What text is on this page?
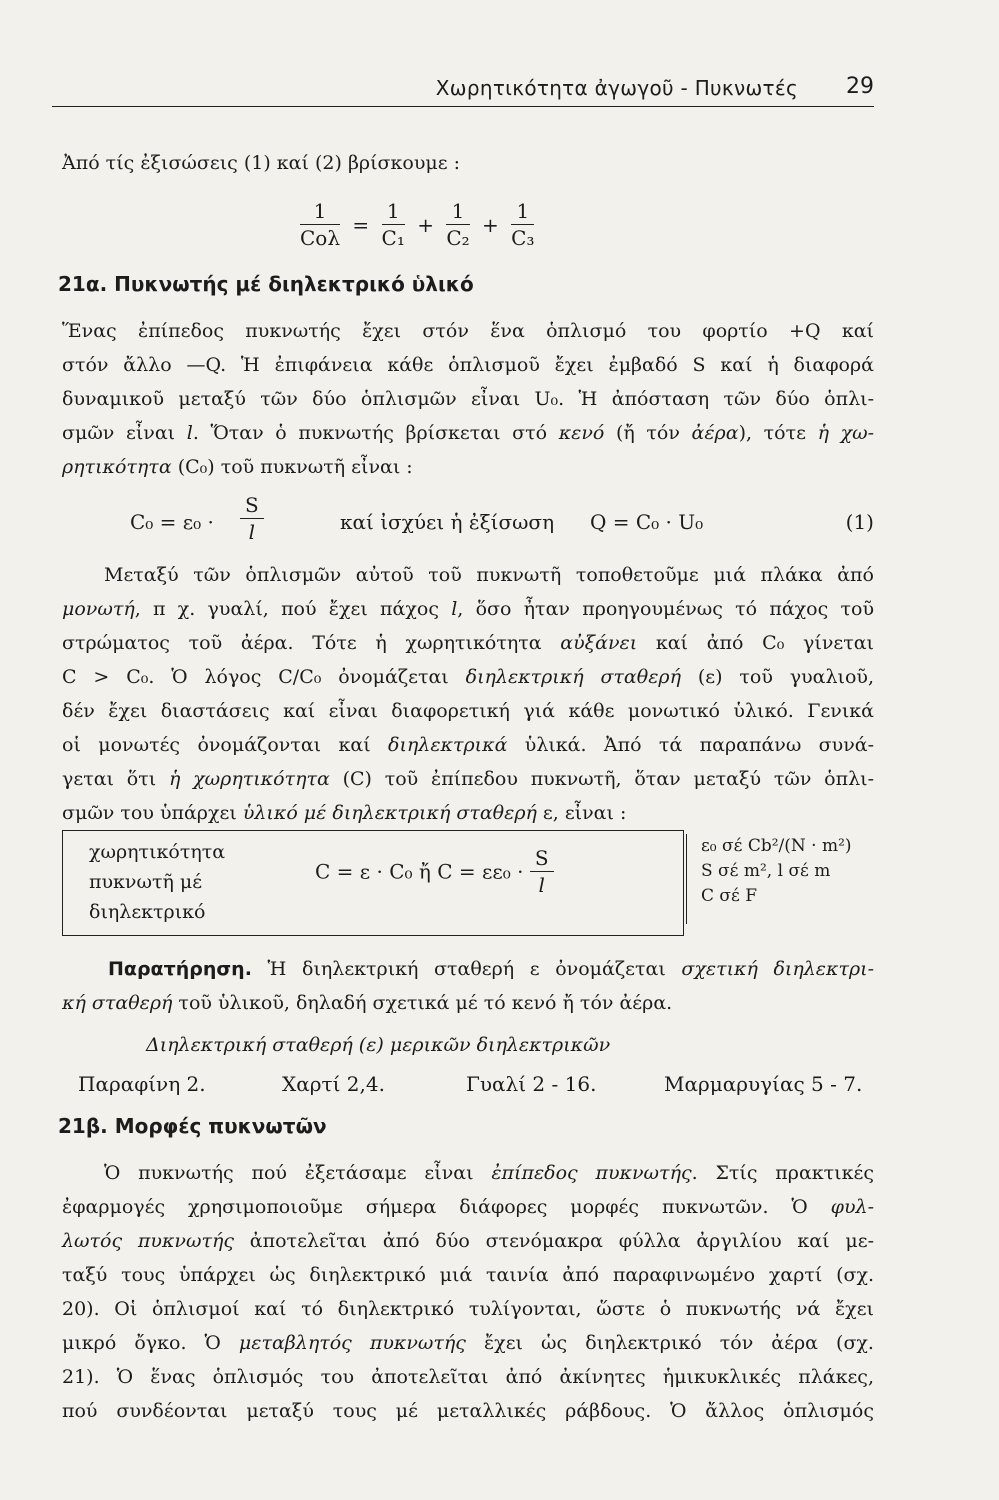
Χωρητικότητα ἀγωγοῦ - Πυκνωτές 29
Ἀπό τίς ἐξισώσεις (1) καί (2) βρίσκουμε :
$\frac{1}{\text{Cολ}} = \frac{1}{\text{C₁}} + \frac{1}{\text{C₂}} + \frac{1}{\text{C₃}}$
21α. Πυκνωτής μέ διηλεκτρικό ὑλικό
Ἕνας ἐπίπεδος πυκνωτής ἔχει στόν ἕνα ὁπλισμό του φορτίο +Q καί
στόν ἄλλο —Q. Ἡ ἐπιφάνεια κάθε ὁπλισμοῦ ἔχει ἐμβαδό S καί ἡ διαφορά
δυναμικοῦ μεταξύ τῶν δύο ὁπλισμῶν εἶναι U₀. Ἡ ἀπόσταση τῶν δύο ὁπλι-
σμῶν εἶναι l. Ὅταν ὁ πυκνωτής βρίσκεται στό κενό (ἤ τόν ἀέρα), τότε ἡ χω-
ρητικότητα (C₀) τοῦ πυκνωτῆ εἶναι :
$C_0 = \varepsilon_0 \cdot \frac{S}{l}$	καί ἰσχύει ἡ ἐξίσωση Q = C₀ · U₀	(1)
Μεταξύ τῶν ὁπλισμῶν αὐτοῦ τοῦ πυκνωτῆ τοποθετοῦμε μιά πλάκα ἀπό
μονωτή, π χ. γυαλί, πού ἔχει πάχος l, ὅσο ἦταν προηγουμένως τό πάχος τοῦ
στρώματος τοῦ ἀέρα. Τότε ἡ χωρητικότητα αὐξάνει καί ἀπό C₀ γίνεται
C > C₀. Ὁ λόγος C/C₀ ὀνομάζεται διηλεκτρική σταθερή (ε) τοῦ γυαλιοῦ,
δέν ἔχει διαστάσεις καί εἶναι διαφορετική γιά κάθε μονωτικό ὑλικό. Γενικά
οἱ μονωτές ὀνομάζονται καί διηλεκτρικά ὑλικά. Ἀπό τά παραπάνω συνά-
γεται ὅτι ἡ χωρητικότητα (C) τοῦ ἐπίπεδου πυκνωτῆ, ὅταν μεταξύ τῶν ὁπλι-
σμῶν του ὑπάρχει ὑλικό μέ διηλεκτρική σταθερή ε, εἶναι :
χωρητικότητα
πυκνωτῆ μέ
διηλεκτρικό
C = ε · C₀ ἤ $C = \varepsilon\varepsilon_0 \cdot \frac{S}{l}$	ε₀ σέ Cb²/(N · m²)
S σέ m², l σέ m
C σέ F
Παρατήρηση. Ἡ διηλεκτρική σταθερή ε ὀνομάζεται σχετική διηλεκτρι-
κή σταθερή τοῦ ὑλικοῦ, δηλαδή σχετικά μέ τό κενό ἤ τόν ἀέρα.
Διηλεκτρική σταθερή (ε) μερικῶν διηλεκτρικῶν
Παραφίνη 2.	Χαρτί 2,4.	Γυαλί 2 - 16.	Μαρμαρυγίας 5 - 7.
21β. Μορφές πυκνωτῶν
Ὁ πυκνωτής πού ἐξετάσαμε εἶναι ἐπίπεδος πυκνωτής. Στίς πρακτικές
ἐφαρμογές χρησιμοποιοῦμε σήμερα διάφορες μορφές πυκνωτῶν. Ὁ φυλ-
λωτός πυκνωτής ἀποτελεῖται ἀπό δύο στενόμακρα φύλλα ἀργιλίου καί με-
ταξύ τους ὑπάρχει ὡς διηλεκτρικό μιά ταινία ἀπό παραφινωμένο χαρτί (σχ.
20). Οἱ ὁπλισμοί καί τό διηλεκτρικό τυλίγονται, ὥστε ὁ πυκνωτής νά ἔχει
μικρό ὄγκο. Ὁ μεταβλητός πυκνωτής ἔχει ὡς διηλεκτρικό τόν ἀέρα (σχ.
21). Ὁ ἕνας ὁπλισμός του ἀποτελεῖται ἀπό ἀκίνητες ἡμικυκλικές πλάκες,
πού συνδέονται μεταξύ τους μέ μεταλλικές ράβδους. Ὁ ἄλλος ὁπλισμός
